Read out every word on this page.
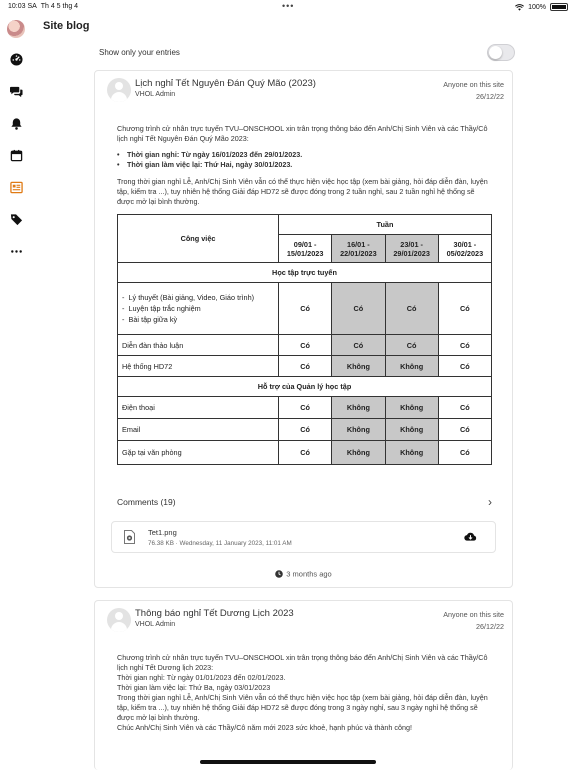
10:03 SA Th 4 5 thg 4	•••	100%
Site blog
Show only your entries
Lịch nghỉ Tết Nguyên Đán Quý Mão (2023)
VHOL Admin
Anyone on this site
26/12/22

Chương trình cử nhân trực tuyến TVU–ONSCHOOL xin trân trọng thông báo đến Anh/Chị Sinh Viên và các Thầy/Cô lịch nghỉ Tết Nguyên Đán Quý Mão 2023:

• Thời gian nghỉ: Từ ngày 16/01/2023 đến 29/01/2023.
• Thời gian làm việc lại: Thứ Hai, ngày 30/01/2023.

Trong thời gian nghỉ Lễ, Anh/Chị Sinh Viên vẫn có thể thực hiện việc học tập (xem bài giảng, hỏi đáp diễn đàn, luyện tập, kiểm tra ...), tuy nhiên hệ thống Giải đáp HD72 sẽ được đóng trong 2 tuần nghỉ, sau 2 tuần nghỉ hệ thống sẽ được mở lại bình thường.

Công việc	Tuần			
	09/01 - 15/01/2023	16/01 - 22/01/2023	23/01 - 29/01/2023	30/01 - 05/02/2023
Học tập trực tuyến				

-  Lý thuyết (Bài giảng, Video, Giáo trình)
-  Luyện tập trắc nghiệm
-  Bài tập giữa kỳ	Có	Có	Có	Có
Diễn đàn thảo luận	Có	Có	Có	Có
Hệ thống HD72	Có	Không	Không	Có
Hỗ trợ của Quản lý học tập				
Điện thoại	Có	Không	Không	Có
Email	Có	Không	Không	Có
Gặp tại văn phòng	Có	Không	Không	Có
Comments (19)	›
Tet1.png
76.38 KB · Wednesday, 11 January 2023, 11:01 AM
3 months ago
Thông báo nghỉ Tết Dương Lịch 2023
VHOL Admin
Anyone on this site
26/12/22

Chương trình cử nhân trực tuyến TVU–ONSCHOOL xin trân trọng thông báo đến Anh/Chị Sinh Viên và các Thầy/Cô lịch nghỉ Tết Dương lịch 2023:

Thời gian nghỉ: Từ ngày 01/01/2023 đến 02/01/2023.

Thời gian làm việc lại: Thứ Ba, ngày 03/01/2023

Trong thời gian nghỉ Lễ, Anh/Chị Sinh Viên vẫn có thể thực hiện việc học tập (xem bài giảng, hỏi đáp diễn đàn, luyện tập, kiểm tra ...), tuy nhiên hệ thống Giải đáp HD72 sẽ được đóng trong 3 ngày nghỉ, sau 3 ngày nghỉ hệ thống sẽ được mở lại bình thường.

Chúc Anh/Chị Sinh Viên và các Thầy/Cô năm mới 2023 sức khoẻ, hạnh phúc và thành công!
